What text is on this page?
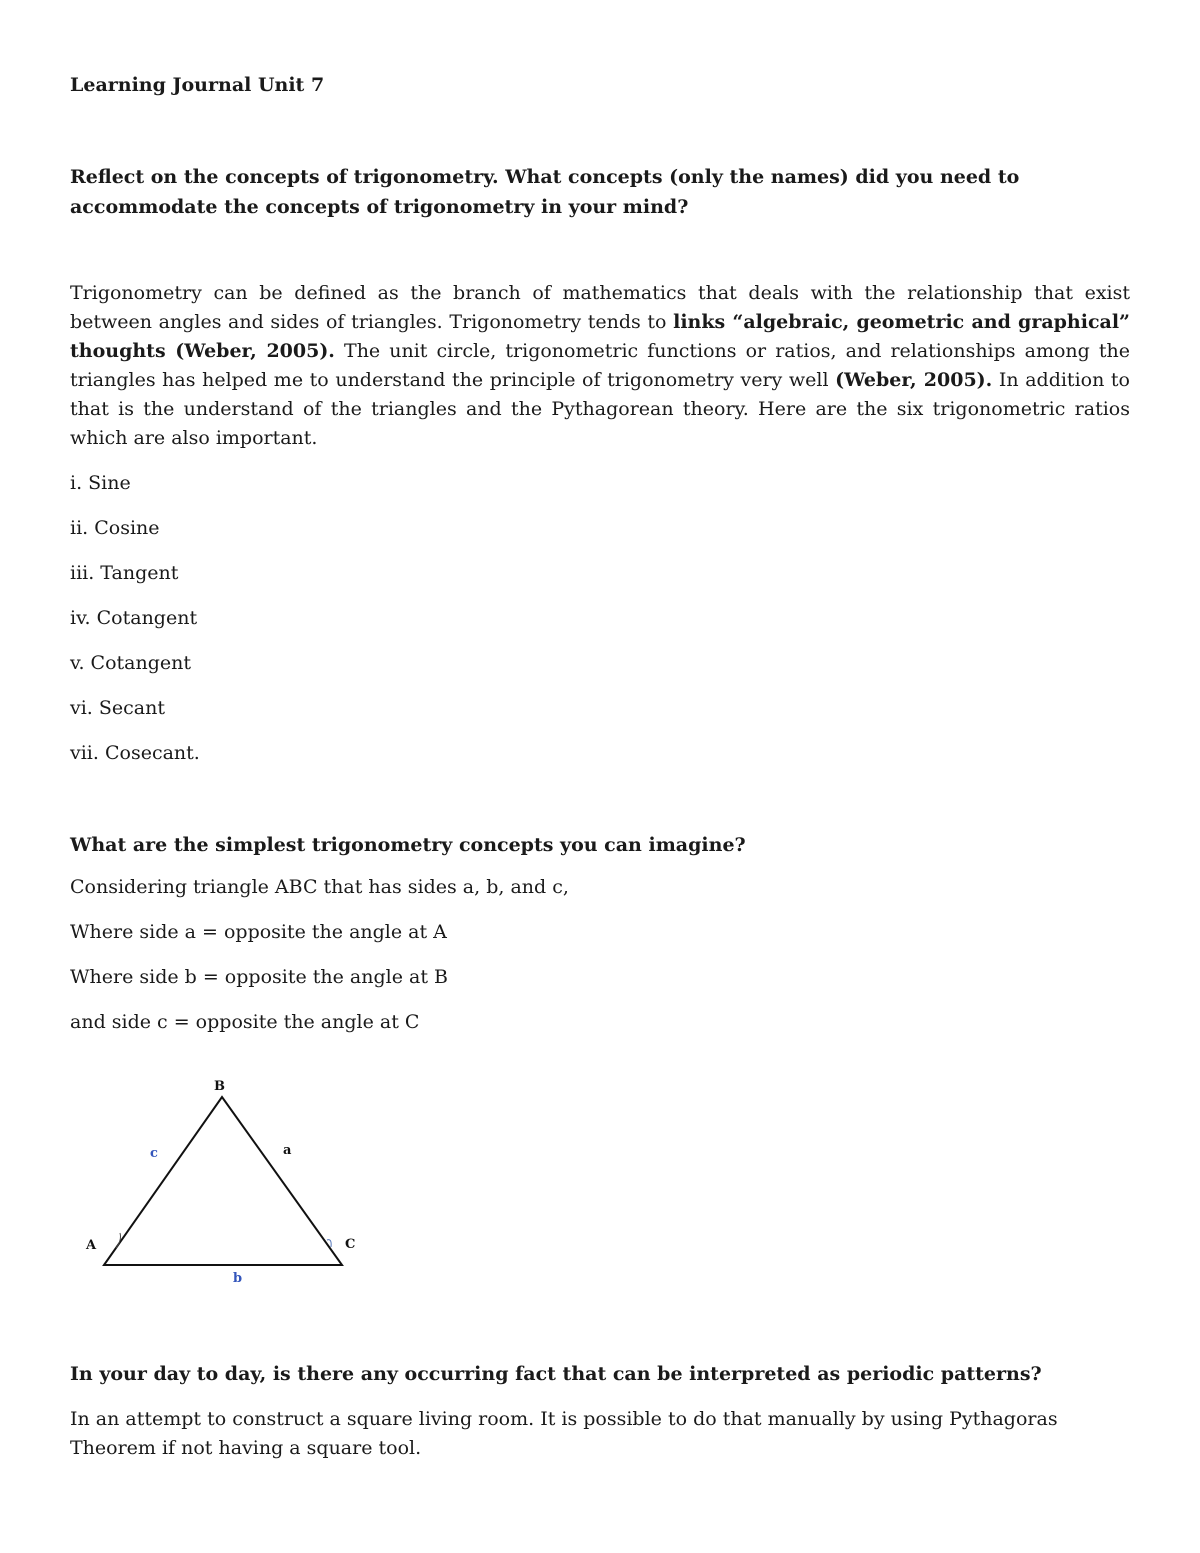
Learning Journal Unit 7
Reflect on the concepts of trigonometry. What concepts (only the names) did you need to accommodate the concepts of trigonometry in your mind?
Trigonometry can be defined as the branch of mathematics that deals with the relationship that exist between angles and sides of triangles. Trigonometry tends to links “algebraic, geometric and graphical” thoughts (Weber, 2005). The unit circle, trigonometric functions or ratios, and relationships among the triangles has helped me to understand the principle of trigonometry very well (Weber, 2005). In addition to that is the understand of the triangles and the Pythagorean theory. Here are the six trigonometric ratios which are also important.
i. Sine
ii. Cosine
iii. Tangent
iv. Cotangent
v. Cotangent
vi. Secant
vii. Cosecant.
What are the simplest trigonometry concepts you can imagine?
Considering triangle ABC that has sides a, b, and c,
Where side a = opposite the angle at A
Where side b = opposite the angle at B
and side c = opposite the angle at C
B
A	C
c	a
b
In your day to day, is there any occurring fact that can be interpreted as periodic patterns?
In an attempt to construct a square living room. It is possible to do that manually by using Pythagoras Theorem if not having a square tool.
